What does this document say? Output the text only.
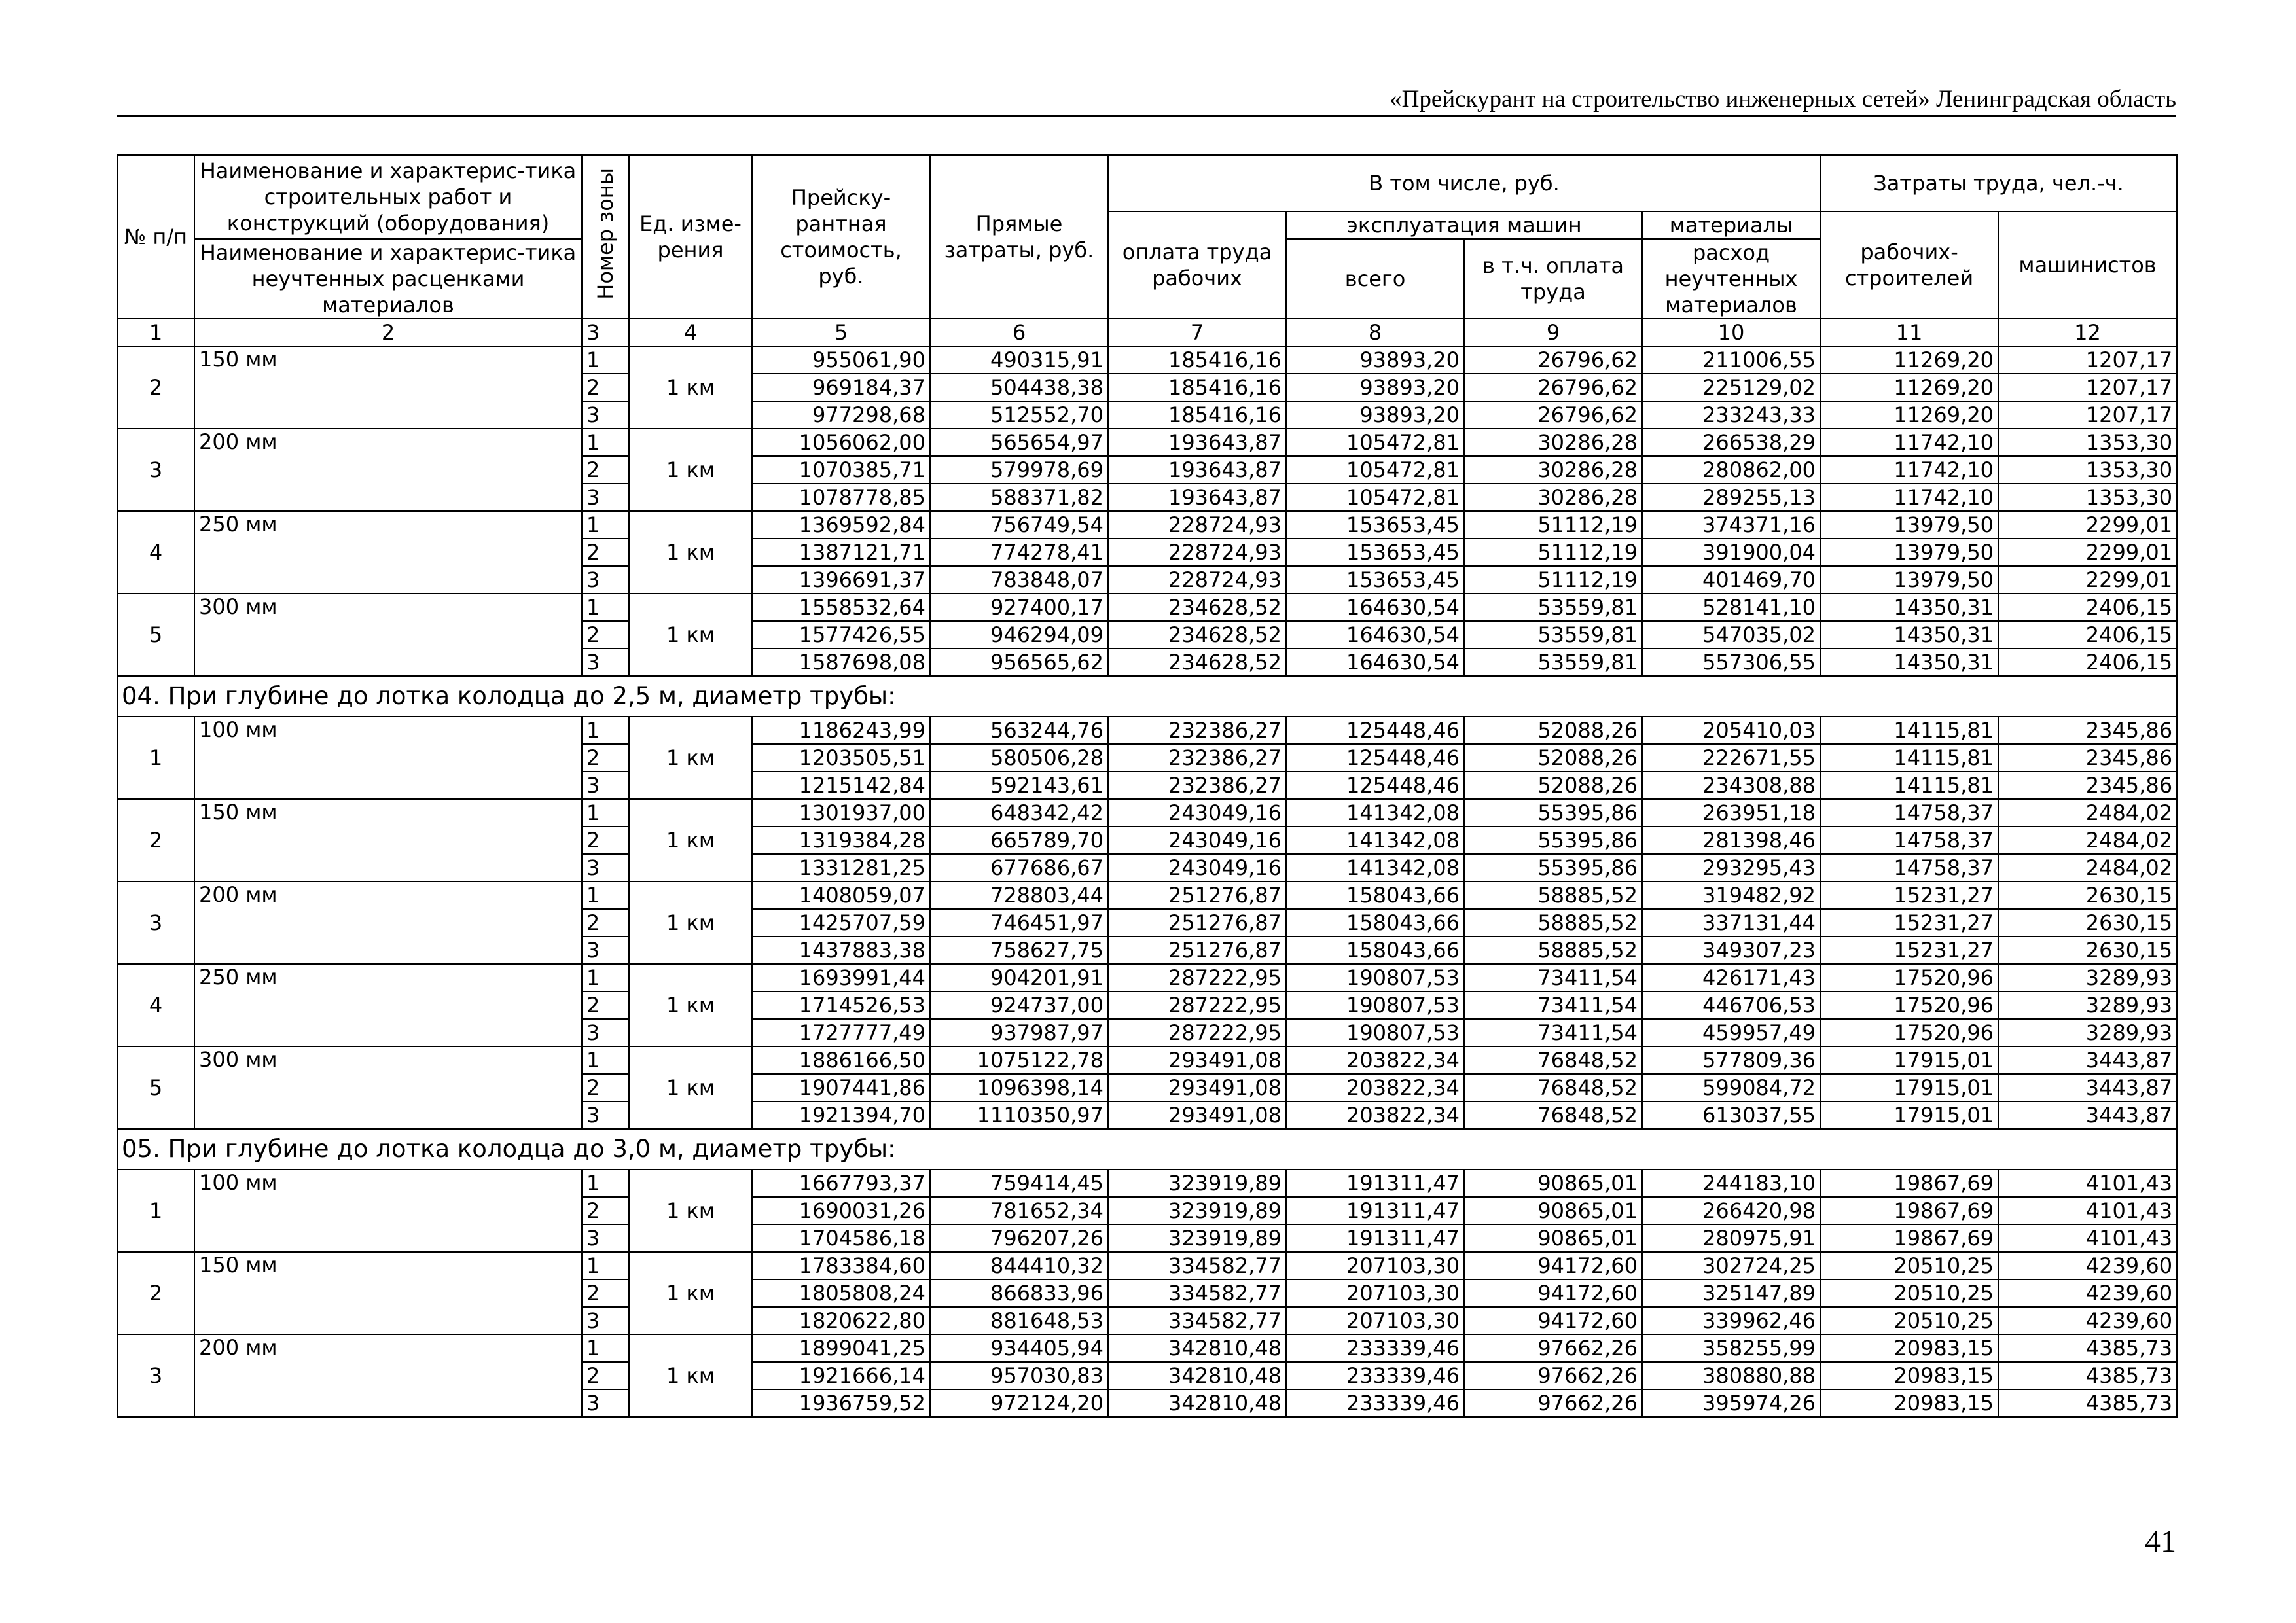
«Прейскурант на строительство инженерных сетей» Ленинградская область
№ п/п	Наименование и характерис-тика строительных работ и конструкций (оборудования)	Номер зоны	Ед. изме-рения	Прейску-рантная стоимость, руб.	Прямые затраты, руб.	В том числе, руб.				Затраты труда, чел.-ч.	
						оплата труда рабочих	эксплуатация машин		материалы	рабочих-строителей	машинистов
	Наименование и характерис-тика неучтенных расценками материалов						всего	в т.ч. оплата труда	расход неучтенных материалов		
1	2	3	4	5	6	7	8	9	10	11	12
2	150 мм	1	1 км	955061,90	490315,91	185416,16	93893,20	26796,62	211006,55	11269,20	1207,17
		2		969184,37	504438,38	185416,16	93893,20	26796,62	225129,02	11269,20	1207,17
		3		977298,68	512552,70	185416,16	93893,20	26796,62	233243,33	11269,20	1207,17
3	200 мм	1	1 км	1056062,00	565654,97	193643,87	105472,81	30286,28	266538,29	11742,10	1353,30
		2		1070385,71	579978,69	193643,87	105472,81	30286,28	280862,00	11742,10	1353,30
		3		1078778,85	588371,82	193643,87	105472,81	30286,28	289255,13	11742,10	1353,30
4	250 мм	1	1 км	1369592,84	756749,54	228724,93	153653,45	51112,19	374371,16	13979,50	2299,01
		2		1387121,71	774278,41	228724,93	153653,45	51112,19	391900,04	13979,50	2299,01
		3		1396691,37	783848,07	228724,93	153653,45	51112,19	401469,70	13979,50	2299,01
5	300 мм	1	1 км	1558532,64	927400,17	234628,52	164630,54	53559,81	528141,10	14350,31	2406,15
		2		1577426,55	946294,09	234628,52	164630,54	53559,81	547035,02	14350,31	2406,15
		3		1587698,08	956565,62	234628,52	164630,54	53559,81	557306,55	14350,31	2406,15
04. При глубине до лотка колодца до 2,5 м, диаметр трубы:											
1	100 мм	1	1 км	1186243,99	563244,76	232386,27	125448,46	52088,26	205410,03	14115,81	2345,86
		2		1203505,51	580506,28	232386,27	125448,46	52088,26	222671,55	14115,81	2345,86
		3		1215142,84	592143,61	232386,27	125448,46	52088,26	234308,88	14115,81	2345,86
2	150 мм	1	1 км	1301937,00	648342,42	243049,16	141342,08	55395,86	263951,18	14758,37	2484,02
		2		1319384,28	665789,70	243049,16	141342,08	55395,86	281398,46	14758,37	2484,02
		3		1331281,25	677686,67	243049,16	141342,08	55395,86	293295,43	14758,37	2484,02
3	200 мм	1	1 км	1408059,07	728803,44	251276,87	158043,66	58885,52	319482,92	15231,27	2630,15
		2		1425707,59	746451,97	251276,87	158043,66	58885,52	337131,44	15231,27	2630,15
		3		1437883,38	758627,75	251276,87	158043,66	58885,52	349307,23	15231,27	2630,15
4	250 мм	1	1 км	1693991,44	904201,91	287222,95	190807,53	73411,54	426171,43	17520,96	3289,93
		2		1714526,53	924737,00	287222,95	190807,53	73411,54	446706,53	17520,96	3289,93
		3		1727777,49	937987,97	287222,95	190807,53	73411,54	459957,49	17520,96	3289,93
5	300 мм	1	1 км	1886166,50	1075122,78	293491,08	203822,34	76848,52	577809,36	17915,01	3443,87
		2		1907441,86	1096398,14	293491,08	203822,34	76848,52	599084,72	17915,01	3443,87
		3		1921394,70	1110350,97	293491,08	203822,34	76848,52	613037,55	17915,01	3443,87
05. При глубине до лотка колодца до 3,0 м, диаметр трубы:											
1	100 мм	1	1 км	1667793,37	759414,45	323919,89	191311,47	90865,01	244183,10	19867,69	4101,43
		2		1690031,26	781652,34	323919,89	191311,47	90865,01	266420,98	19867,69	4101,43
		3		1704586,18	796207,26	323919,89	191311,47	90865,01	280975,91	19867,69	4101,43
2	150 мм	1	1 км	1783384,60	844410,32	334582,77	207103,30	94172,60	302724,25	20510,25	4239,60
		2		1805808,24	866833,96	334582,77	207103,30	94172,60	325147,89	20510,25	4239,60
		3		1820622,80	881648,53	334582,77	207103,30	94172,60	339962,46	20510,25	4239,60
3	200 мм	1	1 км	1899041,25	934405,94	342810,48	233339,46	97662,26	358255,99	20983,15	4385,73
		2		1921666,14	957030,83	342810,48	233339,46	97662,26	380880,88	20983,15	4385,73
		3		1936759,52	972124,20	342810,48	233339,46	97662,26	395974,26	20983,15	4385,73
41
